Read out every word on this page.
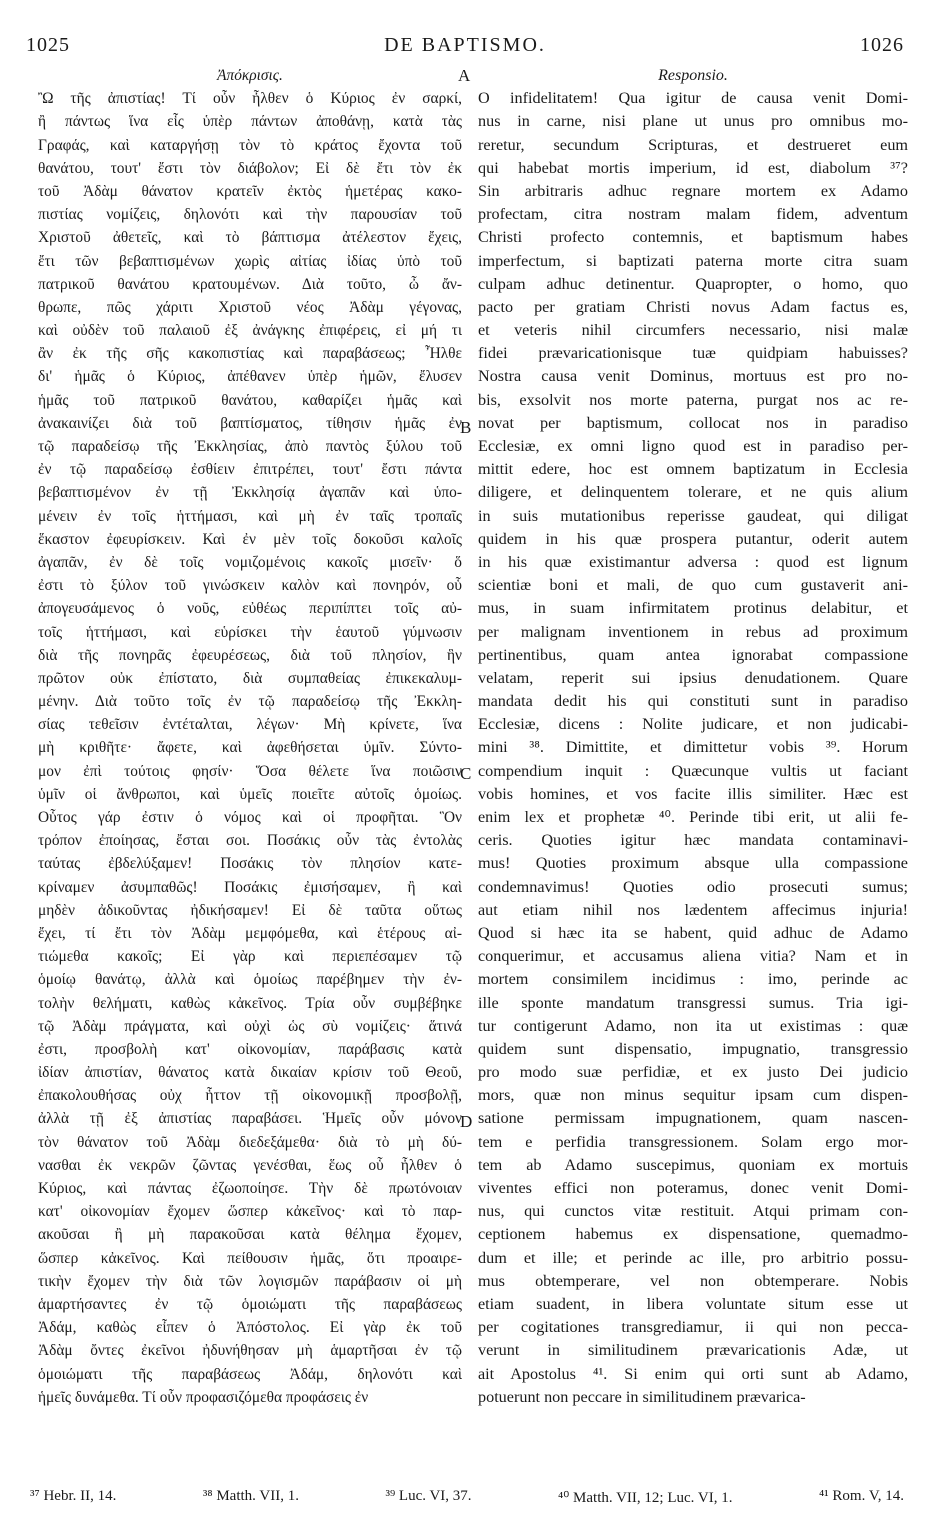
1025	DE BAPTISMO.	1026
Ἀπόκρισις.
Ὢ τῆς ἀπιστίας! Τί οὖν ἦλθεν ὁ Κύριος ἐν σαρκί,
ἢ πάντως ἵνα εἷς ὑπὲρ πάντων ἀποθάνῃ, κατὰ τὰς
Γραφάς, καὶ καταργήσῃ τὸν τὸ κράτος ἔχοντα τοῦ
θανάτου, τουτ' ἔστι τὸν διάβολον; Εἰ δὲ ἔτι τὸν ἐκ
τοῦ Ἀδὰμ θάνατον κρατεῖν ἐκτὸς ἡμετέρας κακο-
πιστίας νομίζεις, δηλονότι καὶ τὴν παρουσίαν τοῦ
Χριστοῦ ἀθετεῖς, καὶ τὸ βάπτισμα ἀτέλεστον ἔχεις,
ἔτι τῶν βεβαπτισμένων χωρὶς αἰτίας ἰδίας ὑπὸ τοῦ
πατρικοῦ θανάτου κρατουμένων. Διὰ τοῦτο, ὦ ἄν-
θρωπε, πῶς χάριτι Χριστοῦ νέος Ἀδὰμ γέγονας,
καὶ οὐδὲν τοῦ παλαιοῦ ἐξ ἀνάγκης ἐπιφέρεις, εἰ μή τι
ἂν ἐκ τῆς σῆς κακοπιστίας καὶ παραβάσεως; Ἦλθε
δι' ἡμᾶς ὁ Κύριος, ἀπέθανεν ὑπὲρ ἡμῶν, ἔλυσεν
ἡμᾶς τοῦ πατρικοῦ θανάτου, καθαρίζει ἡμᾶς καὶ
ἀνακαινίζει διὰ τοῦ βαπτίσματος, τίθησιν ἡμᾶς ἐν
τῷ παραδείσῳ τῆς Ἐκκλησίας, ἀπὸ παντὸς ξύλου τοῦ
ἐν τῷ παραδείσῳ ἐσθίειν ἐπιτρέπει, τουτ' ἔστι πάντα
βεβαπτισμένον ἐν τῇ Ἐκκλησίᾳ ἀγαπᾶν καὶ ὑπο-
μένειν ἐν τοῖς ἡττήμασι, καὶ μὴ ἐν ταῖς τροπαῖς
ἕκαστον ἐφευρίσκειν. Καὶ ἐν μὲν τοῖς δοκοῦσι καλοῖς
ἀγαπᾶν, ἐν δὲ τοῖς νομιζομένοις κακοῖς μισεῖν· ὅ
ἐστι τὸ ξύλον τοῦ γινώσκειν καλὸν καὶ πονηρόν, οὗ
ἀπογευσάμενος ὁ νοῦς, εὐθέως περιπίπτει τοῖς αὐ-
τοῖς ἡττήμασι, καὶ εὑρίσκει τὴν ἑαυτοῦ γύμνωσιν
διὰ τῆς πονηρᾶς ἐφευρέσεως, διὰ τοῦ πλησίον, ἣν
πρῶτον οὐκ ἐπίστατο, διὰ συμπαθείας ἐπικεκαλυμ-
μένην. Διὰ τοῦτο τοῖς ἐν τῷ παραδείσῳ τῆς Ἐκκλη-
σίας τεθεῖσιν ἐντέταλται, λέγων· Μὴ κρίνετε, ἵνα
μὴ κριθῆτε· ἄφετε, καὶ ἀφεθήσεται ὑμῖν. Σύντο-
μον ἐπὶ τούτοις φησίν· Ὅσα θέλετε ἵνα ποιῶσιν
ὑμῖν οἱ ἄνθρωποι, καὶ ὑμεῖς ποιεῖτε αὐτοῖς ὁμοίως.
Οὗτος γάρ ἐστιν ὁ νόμος καὶ οἱ προφῆται. Ὃν
τρόπον ἐποίησας, ἔσται σοι. Ποσάκις οὖν τὰς ἐντολὰς
ταύτας ἐβδελύξαμεν! Ποσάκις τὸν πλησίον κατε-
κρίναμεν ἀσυμπαθῶς! Ποσάκις ἐμισήσαμεν, ἢ καὶ
μηδὲν ἀδικοῦντας ἠδικήσαμεν! Εἰ δὲ ταῦτα οὕτως
ἔχει, τί ἔτι τὸν Ἀδὰμ μεμφόμεθα, καὶ ἑτέρους αἰ-
τιώμεθα κακοῖς; Εἰ γὰρ καὶ περιεπέσαμεν τῷ
ὁμοίῳ θανάτῳ, ἀλλὰ καὶ ὁμοίως παρέβημεν τὴν ἐν-
τολὴν θελήματι, καθὼς κἀκεῖνος. Τρία οὖν συμβέβηκε
τῷ Ἀδὰμ πράγματα, καὶ οὐχὶ ὡς σὺ νομίζεις· ἅτινά
ἐστι, προσβολὴ κατ' οἰκονομίαν, παράβασις κατὰ
ἰδίαν ἀπιστίαν, θάνατος κατὰ δικαίαν κρίσιν τοῦ Θεοῦ,
ἐπακολουθήσας οὐχ ἧττον τῇ οἰκονομικῇ προσβολῇ,
ἀλλὰ τῇ ἐξ ἀπιστίας παραβάσει. Ἡμεῖς οὖν μόνον
τὸν θάνατον τοῦ Ἀδὰμ διεδεξάμεθα· διὰ τὸ μὴ δύ-
νασθαι ἐκ νεκρῶν ζῶντας γενέσθαι, ἕως οὗ ἦλθεν ὁ
Κύριος, καὶ πάντας ἐζωοποίησε. Τὴν δὲ πρωτόνοιαν
κατ' οἰκονομίαν ἔχομεν ὥσπερ κἀκεῖνος· καὶ τὸ παρ-
ακοῦσαι ἢ μὴ παρακοῦσαι κατὰ θέλημα ἔχομεν,
ὥσπερ κἀκεῖνος. Καὶ πείθουσιν ἡμᾶς, ὅτι προαιρε-
τικὴν ἔχομεν τὴν διὰ τῶν λογισμῶν παράβασιν οἱ μὴ
ἁμαρτήσαντες ἐν τῷ ὁμοιώματι τῆς παραβάσεως
Ἀδάμ, καθὼς εἶπεν ὁ Ἀπόστολος. Εἰ γὰρ ἐκ τοῦ
Ἀδὰμ ὄντες ἐκεῖνοι ἠδυνήθησαν μὴ ἁμαρτῆσαι ἐν τῷ
ὁμοιώματι τῆς παραβάσεως Ἀδάμ, δηλονότι καὶ
ἡμεῖς δυνάμεθα. Τί οὖν προφασιζόμεθα προφάσεις ἐν
Responsio.
O infidelitatem! Qua igitur de causa venit Domi-
nus in carne, nisi plane ut unus pro omnibus mo-
reretur, secundum Scripturas, et destrueret eum
qui habebat mortis imperium, id est, diabolum ³⁷?
Sin arbitraris adhuc regnare mortem ex Adamo
profectam, citra nostram malam fidem, adventum
Christi profecto contemnis, et baptismum habes
imperfectum, si baptizati paterna morte citra suam
culpam adhuc detinentur. Quapropter, o homo, quo
pacto per gratiam Christi novus Adam factus es,
et veteris nihil circumfers necessario, nisi malæ
fidei prævaricationisque tuæ quidpiam habuisses?
Nostra causa venit Dominus, mortuus est pro no-
bis, exsolvit nos morte paterna, purgat nos ac re-
novat per baptismum, collocat nos in paradiso
Ecclesiæ, ex omni ligno quod est in paradiso per-
mittit edere, hoc est omnem baptizatum in Ecclesia
diligere, et delinquentem tolerare, et ne quis alium
in suis mutationibus reperisse gaudeat, qui diligat
quidem in his quæ prospera putantur, oderit autem
in his quæ existimantur adversa : quod est lignum
scientiæ boni et mali, de quo cum gustaverit ani-
mus, in suam infirmitatem protinus delabitur, et
per malignam inventionem in rebus ad proximum
pertinentibus, quam antea ignorabat compassione
velatam, reperit sui ipsius denudationem. Quare
mandata dedit his qui constituti sunt in paradiso
Ecclesiæ, dicens : Nolite judicare, et non judicabi-
mini ³⁸. Dimittite, et dimittetur vobis ³⁹. Horum
compendium inquit : Quæcunque vultis ut faciant
vobis homines, et vos facite illis similiter. Hæc est
enim lex et prophetæ ⁴⁰. Perinde tibi erit, ut alii fe-
ceris. Quoties igitur hæc mandata contaminavi-
mus! Quoties proximum absque ulla compassione
condemnavimus! Quoties odio prosecuti sumus;
aut etiam nihil nos lædentem affecimus injuria!
Quod si hæc ita se habent, quid adhuc de Adamo
conquerimur, et accusamus aliena vitia? Nam et in
mortem consimilem incidimus : imo, perinde ac
ille sponte mandatum transgressi sumus. Tria igi-
tur contigerunt Adamo, non ita ut existimas : quæ
quidem sunt dispensatio, impugnatio, transgressio
pro modo suæ perfidiæ, et ex justo Dei judicio
mors, quæ non minus sequitur ipsam cum dispen-
satione permissam impugnationem, quam nascen-
tem e perfidia transgressionem. Solam ergo mor-
tem ab Adamo suscepimus, quoniam ex mortuis
viventes effici non poteramus, donec venit Domi-
nus, qui cunctos vitæ restituit. Atqui primam con-
ceptionem habemus ex dispensatione, quemadmo-
dum et ille; et perinde ac ille, pro arbitrio possu-
mus obtemperare, vel non obtemperare. Nobis
etiam suadent, in libera voluntate situm esse ut
per cogitationes transgrediamur, ii qui non pecca-
verunt in similitudinem prævaricationis Adæ, ut
ait Apostolus ⁴¹. Si enim qui orti sunt ab Adamo,
potuerunt non peccare in similitudinem prævarica-
A
B
C
D
³⁷ Hebr. II, 14.	³⁸ Matth. VII, 1.	³⁹ Luc. VI, 37.	⁴⁰ Matth. VII, 12; Luc. VI, 1.	⁴¹ Rom. V, 14.
